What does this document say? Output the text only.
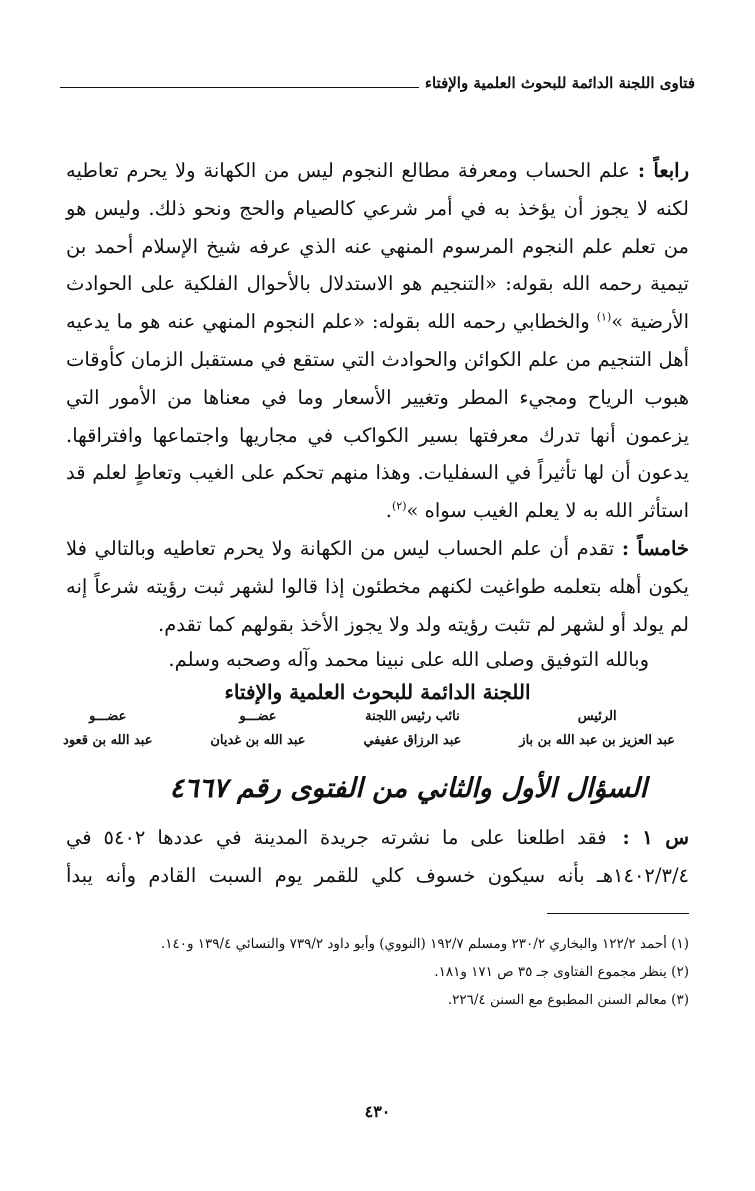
فتاوى اللجنة الدائمة للبحوث العلمية والإفتاء

رابعاً : علم الحساب ومعرفة مطالع النجوم ليس من الكهانة ولا يحرم تعاطيه لكنه لا يجوز أن يؤخذ به في أمر شرعي كالصيام والحج ونحو ذلك. وليس هو من تعلم علم النجوم المرسوم المنهي عنه الذي عرفه شيخ الإسلام أحمد بن تيمية رحمه الله بقوله: «التنجيم هو الاستدلال بالأحوال الفلكية على الحوادث الأرضية »$^{(١)}$ والخطابي رحمه الله بقوله: «علم النجوم المنهي عنه هو ما يدعيه أهل التنجيم من علم الكوائن والحوادث التي ستقع في مستقبل الزمان كأوقات هبوب الرياح ومجيء المطر وتغيير الأسعار وما في معناها من الأمور التي يزعمون أنها تدرك معرفتها بسير الكواكب في مجاريها واجتماعها وافتراقها. يدعون أن لها تأثيراً في السفليات. وهذا منهم تحكم على الغيب وتعاطٍ لعلم قد استأثر الله به لا يعلم الغيب سواه »$^{(٢)}$.

خامساً : تقدم أن علم الحساب ليس من الكهانة ولا يحرم تعاطيه وبالتالي فلا يكون أهله بتعلمه طواغيت لكنهم مخطئون إذا قالوا لشهر ثبت رؤيته شرعاً إنه لم يولد أو لشهر لم تثبت رؤيته ولد ولا يجوز الأخذ بقولهم كما تقدم.

وبالله التوفيق وصلى الله على نبينا محمد وآله وصحبه وسلم.
اللجنة الدائمة للبحوث العلمية والإفتاء
الرئيس
عبد العزيز بن عبد الله بن باز
نائب رئيس اللجنة
عبد الرزاق عفيفي
عضـــو
عبد الله بن غديان
عضـــو
عبد الله بن قعود
السؤال الأول والثاني من الفتوى رقم ٤٦٦٧
س ١ : فقد اطلعنا على ما نشرته جريدة المدينة في عددها ٥٤٠٢ في ١٤٠٢/٣/٤هـ بأنه سيكون خسوف كلي للقمر يوم السبت القادم وأنه يبدأ
(١) أحمد ١٢٢/٢ والبخاري ٢٣٠/٢ ومسلم ١٩٢/٧ (النووي) وأبو داود ٧٣٩/٢ والنسائي ١٣٩/٤ و١٤٠.
(٢) ينظر مجموع الفتاوى جـ ٣٥ ص ١٧١ و١٨١.
(٣) معالم السنن المطبوع مع السنن ٢٢٦/٤.
٤٣٠
